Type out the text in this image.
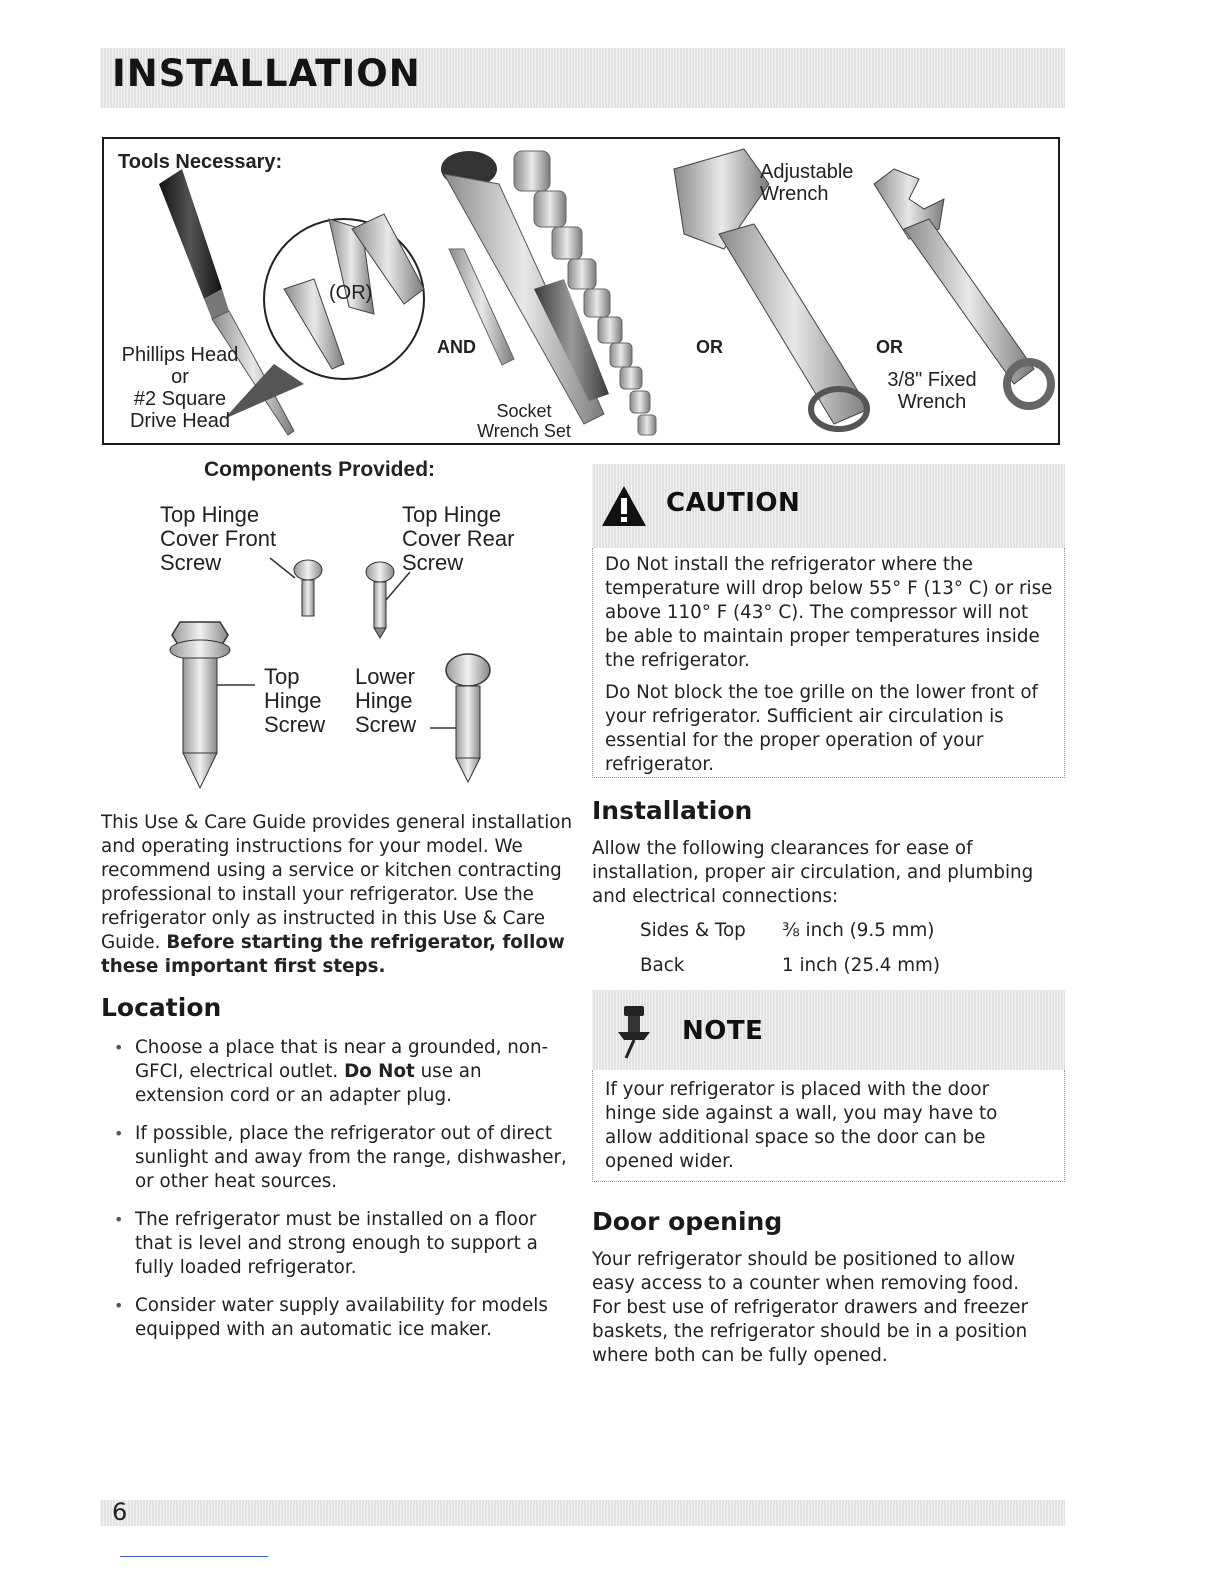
INSTALLATION
Tools Necessary:
Phillips Head
or
#2 Square
Drive Head
(OR)
AND
Socket
Wrench Set
OR
Adjustable
Wrench
OR
3/8" Fixed
Wrench
Components Provided:
Top Hinge
Cover Front
Screw
Top Hinge
Cover Rear
Screw
Top
Hinge
Screw
Lower
Hinge
Screw
This Use & Care Guide provides general installation and operating instructions for your model. We recommend using a service or kitchen contracting professional to install your refrigerator. Use the refrigerator only as instructed in this Use & Care Guide. Before starting the refrigerator, follow these important first steps.
Location
• Choose a place that is near a grounded, non-GFCI, electrical outlet. Do Not use an extension cord or an adapter plug.
• If possible, place the refrigerator out of direct sunlight and away from the range, dishwasher, or other heat sources.
• The refrigerator must be installed on a floor that is level and strong enough to support a fully loaded refrigerator.
• Consider water supply availability for models equipped with an automatic ice maker.
CAUTION
Do Not install the refrigerator where the temperature will drop below 55° F (13° C) or rise above 110° F (43° C). The compressor will not be able to maintain proper temperatures inside the refrigerator.
Do Not block the toe grille on the lower front of your refrigerator. Sufficient air circulation is essential for the proper operation of your refrigerator.
Installation
Allow the following clearances for ease of installation, proper air circulation, and plumbing and electrical connections:
Sides & Top ⅜ inch (9.5 mm)
Back	1 inch (25.4 mm)
NOTE
If your refrigerator is placed with the door hinge side against a wall, you may have to allow additional space so the door can be opened wider.
Door opening
Your refrigerator should be positioned to allow easy access to a counter when removing food. For best use of refrigerator drawers and freezer baskets, the refrigerator should be in a position where both can be fully opened.
6
